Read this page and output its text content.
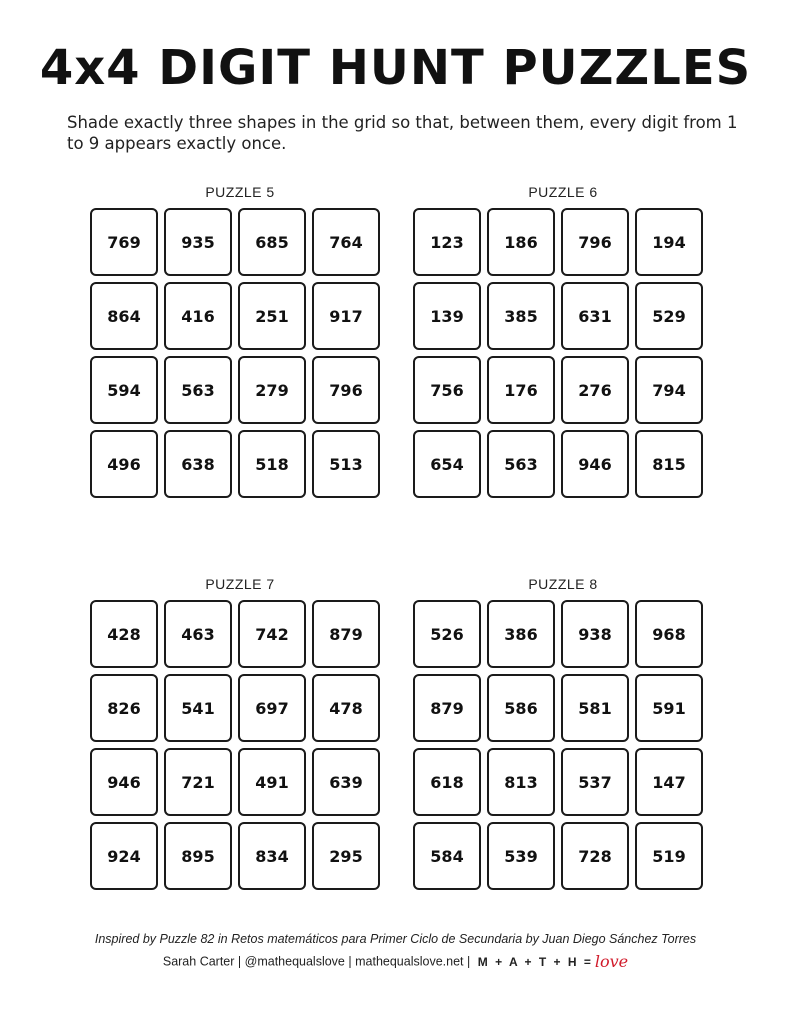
4x4 DIGIT HUNT PUZZLES

Shade exactly three shapes in the grid so that, between them, every digit from 1 to 9 appears exactly once.

PUZZLE 5
769	935	685	764
864	416	251	917
594	563	279	796
496	638	518	513
PUZZLE 6
123	186	796	194
139	385	631	529
756	176	276	794
654	563	946	815
PUZZLE 7
428	463	742	879
826	541	697	478
946	721	491	639
924	895	834	295
PUZZLE 8
526	386	938	968
879	586	581	591
618	813	537	147
584	539	728	519

Inspired by Puzzle 82 in Retos matemáticos para Primer Ciclo de Secundaria by Juan Diego Sánchez Torres

Sarah Carter | @mathequalslove | mathequalslove.net | M + A + T + H = love
